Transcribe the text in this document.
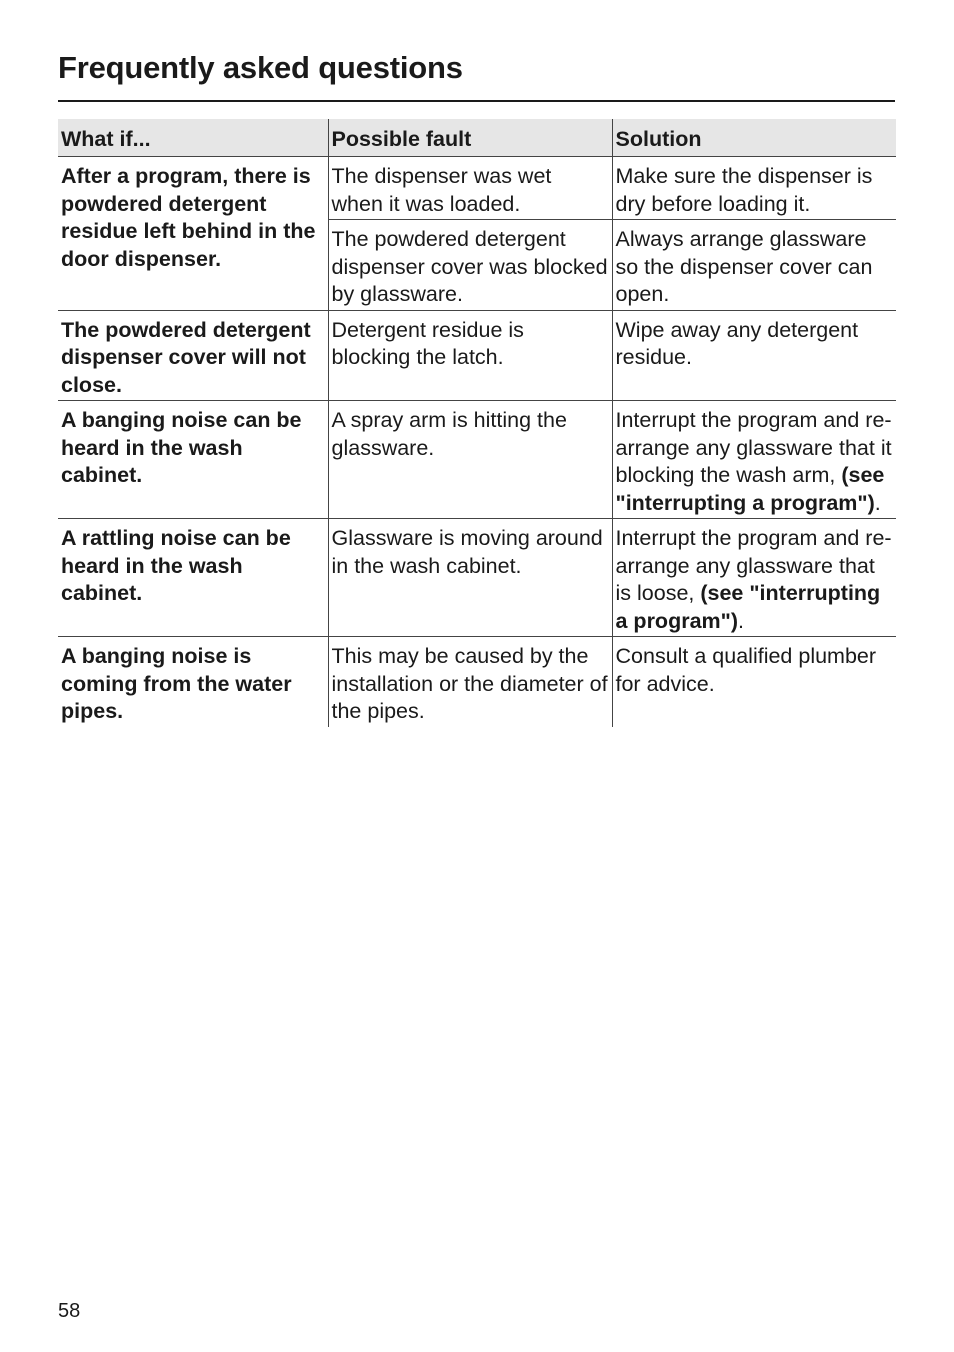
Frequently asked questions
What if...	Possible fault	Solution
After a program, there is powdered detergent residue left behind in the door dispenser.	The dispenser was wet when it was loaded.	Make sure the dispenser is dry before loading it.
	The powdered detergent dispenser cover was blocked by glassware.	Always arrange glassware so the dispenser cover can open.
The powdered detergent dispenser cover will not close.	Detergent residue is blocking the latch.	Wipe away any detergent residue.
A banging noise can be heard in the wash cabinet.	A spray arm is hitting the glassware.	Interrupt the program and re-arrange any glassware that it blocking the wash arm, (see "interrupting a program").
A rattling noise can be heard in the wash cabinet.	Glassware is moving around in the wash cabinet.	Interrupt the program and re-arrange any glassware that is loose, (see "interrupting a program").
A banging noise is coming from the water pipes.	This may be caused by the installation or the diameter of the pipes.	Consult a qualified plumber for advice.
58
